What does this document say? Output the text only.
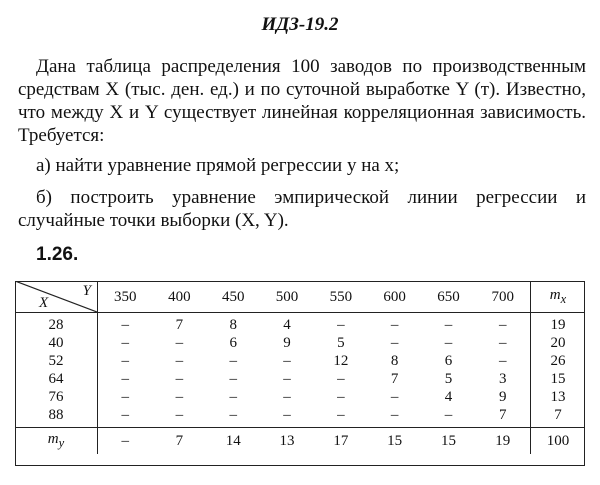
ИДЗ-19.2
Дана таблица распределения 100 заводов по производственным средствам X (тыс. ден. ед.) и по суточной выработке Y (т). Известно, что между X и Y существует линейная корреляционная зависимость. Требуется:
а) найти уравнение прямой регрессии y на x;
б) построить уравнение эмпирической линии регрессии и случайные точки выборки (X, Y).
1.26.
Y
X	350	400	450	500	550	600	650	700	$m_x$
28	–	7	8	4	–	–	–	–	19
40	–	–	6	9	5	–	–	–	20
52	–	–	–	–	12	8	6	–	26
64	–	–	–	–	–	7	5	3	15
76	–	–	–	–	–	–	4	9	13
88	–	–	–	–	–	–	–	7	7
$m_y$	–	7	14	13	17	15	15	19	100
